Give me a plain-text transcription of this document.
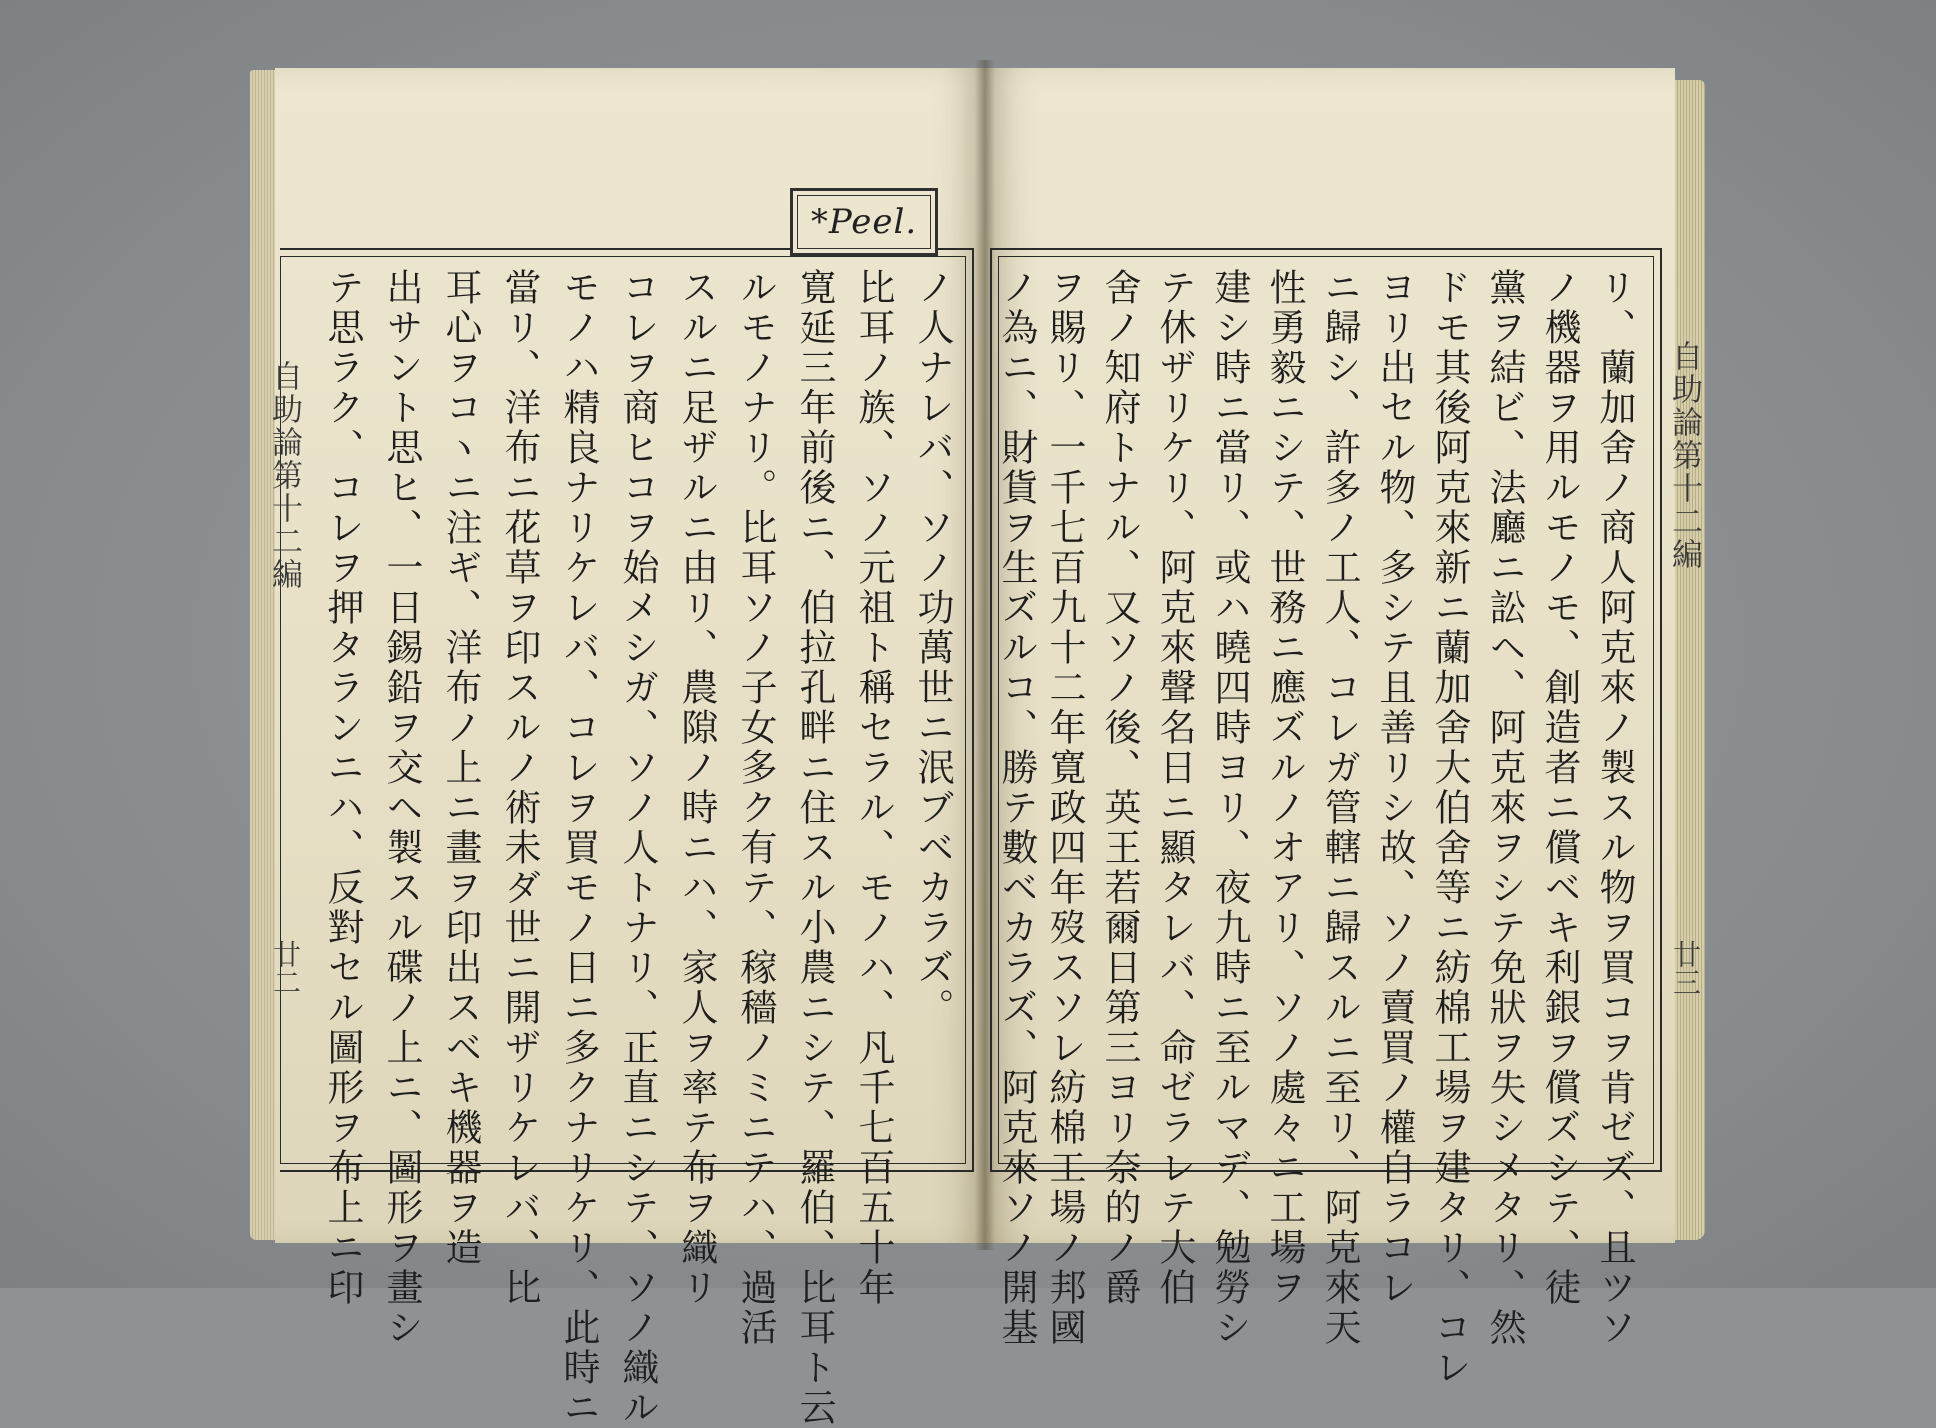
*Peel.
自助論第十二編	自助論第十二編
廿二	廿三
ノ人ナレバ、ソノ功萬世ニ泯ブベカラズ。
比耳ノ族、ソノ元祖ト稱セラル、モノハ、凡千七百五十年
寛延三年前後ニ、伯拉孔畔ニ住スル小農ニシテ、羅伯、比耳ト云
ルモノナリ。比耳ソノ子女多ク有テ、稼穡ノミニテハ、過活
スルニ足ザルニ由リ、農隙ノ時ニハ、家人ヲ率テ布ヲ織リ
コレヲ商ヒコヲ始メシガ、ソノ人トナリ、正直ニシテ、ソノ織ル
モノハ精良ナリケレバ、コレヲ買モノ日ニ多クナリケリ、此時ニ
當リ、洋布ニ花草ヲ印スルノ術未ダ世ニ開ザリケレバ、比
耳心ヲコヽニ注ギ、洋布ノ上ニ畫ヲ印出スベキ機器ヲ造
出サント思ヒ、一日錫鉛ヲ交ヘ製スル碟ノ上ニ、圖形ヲ畫シ
テ思ラク、コレヲ押タランニハ、反對セル圖形ヲ布上ニ印	リ、蘭加舍ノ商人阿克來ノ製スル物ヲ買コヲ肯ゼズ、且ツソ
ノ機器ヲ用ルモノモ、創造者ニ償ベキ利銀ヲ償ズシテ、徒
黨ヲ結ビ、法廳ニ訟ヘ、阿克來ヲシテ免狀ヲ失シメタリ、然
ドモ其後阿克來新ニ蘭加舍大伯舍等ニ紡棉工場ヲ建タリ、コレ
ヨリ出セル物、多シテ且善リシ故、ソノ賣買ノ權自ラコレ
ニ歸シ、許多ノ工人、コレガ管轄ニ歸スルニ至リ、阿克來天
性勇毅ニシテ、世務ニ應ズルノオアリ、ソノ處々ニ工場ヲ
建シ時ニ當リ、或ハ曉四時ヨリ、夜九時ニ至ルマデ、勉勞シ
テ休ザリケリ、阿克來聲名日ニ顯タレバ、命ゼラレテ大伯
舍ノ知府トナル、又ソノ後、英王若爾日第三ヨリ奈的ノ爵
ヲ賜リ、一千七百九十二年寛政四年歿スソレ紡棉工場ノ邦國
ノ為ニ、財貨ヲ生ズルコ、勝テ數ベカラズ、阿克來ソノ開基
